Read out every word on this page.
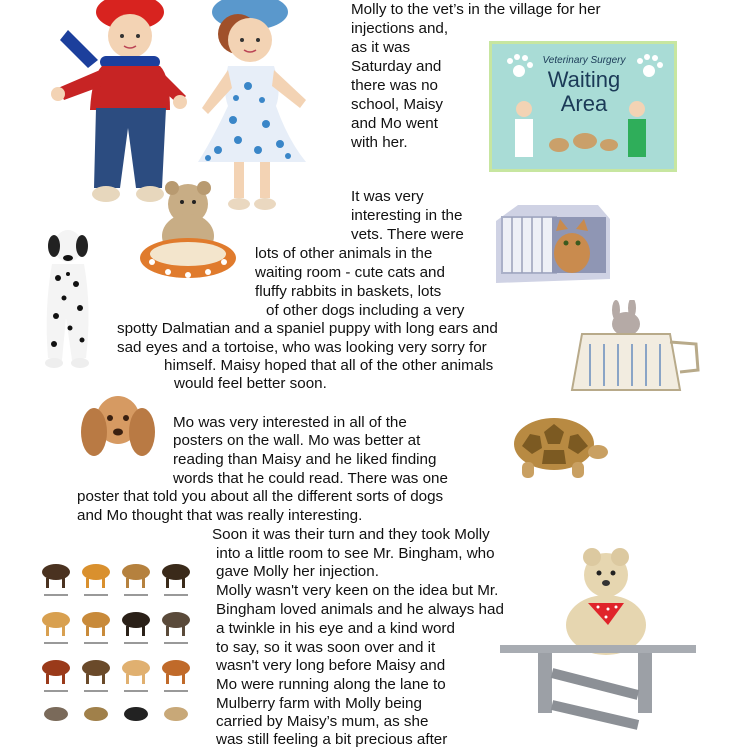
Molly to the vet’s in the village for her
injections and,
as it was
Saturday and
there was no
school, Maisy
and Mo went
with her.
It was very
interesting in the
vets. There were
lots of other animals in the
waiting room - cute cats and
fluffy rabbits in baskets, lots
of other dogs including a very
spotty Dalmatian and a spaniel puppy with long ears and
sad eyes and a tortoise, who was looking very sorry for
himself. Maisy hoped that all of the other animals
would feel better soon.
Mo was very interested in all of the
posters on the wall. Mo was better at
reading than Maisy and he liked finding
words that he could read. There was one
poster that told you about all the different sorts of dogs
and Mo thought that was really interesting.
Soon it was their turn and they took Molly
into a little room to see Mr. Bingham, who
gave Molly her injection.
Molly wasn't very keen on the idea but Mr.
Bingham loved animals and he always had
a twinkle in his eye and a kind word
to say, so it was soon over and it
wasn't very long before Maisy and
Mo were running along the lane to
Mulberry farm with Molly being
carried by Maisy’s mum, as she
was still feeling a bit precious after
Veterinary Surgery
Waiting
Area
